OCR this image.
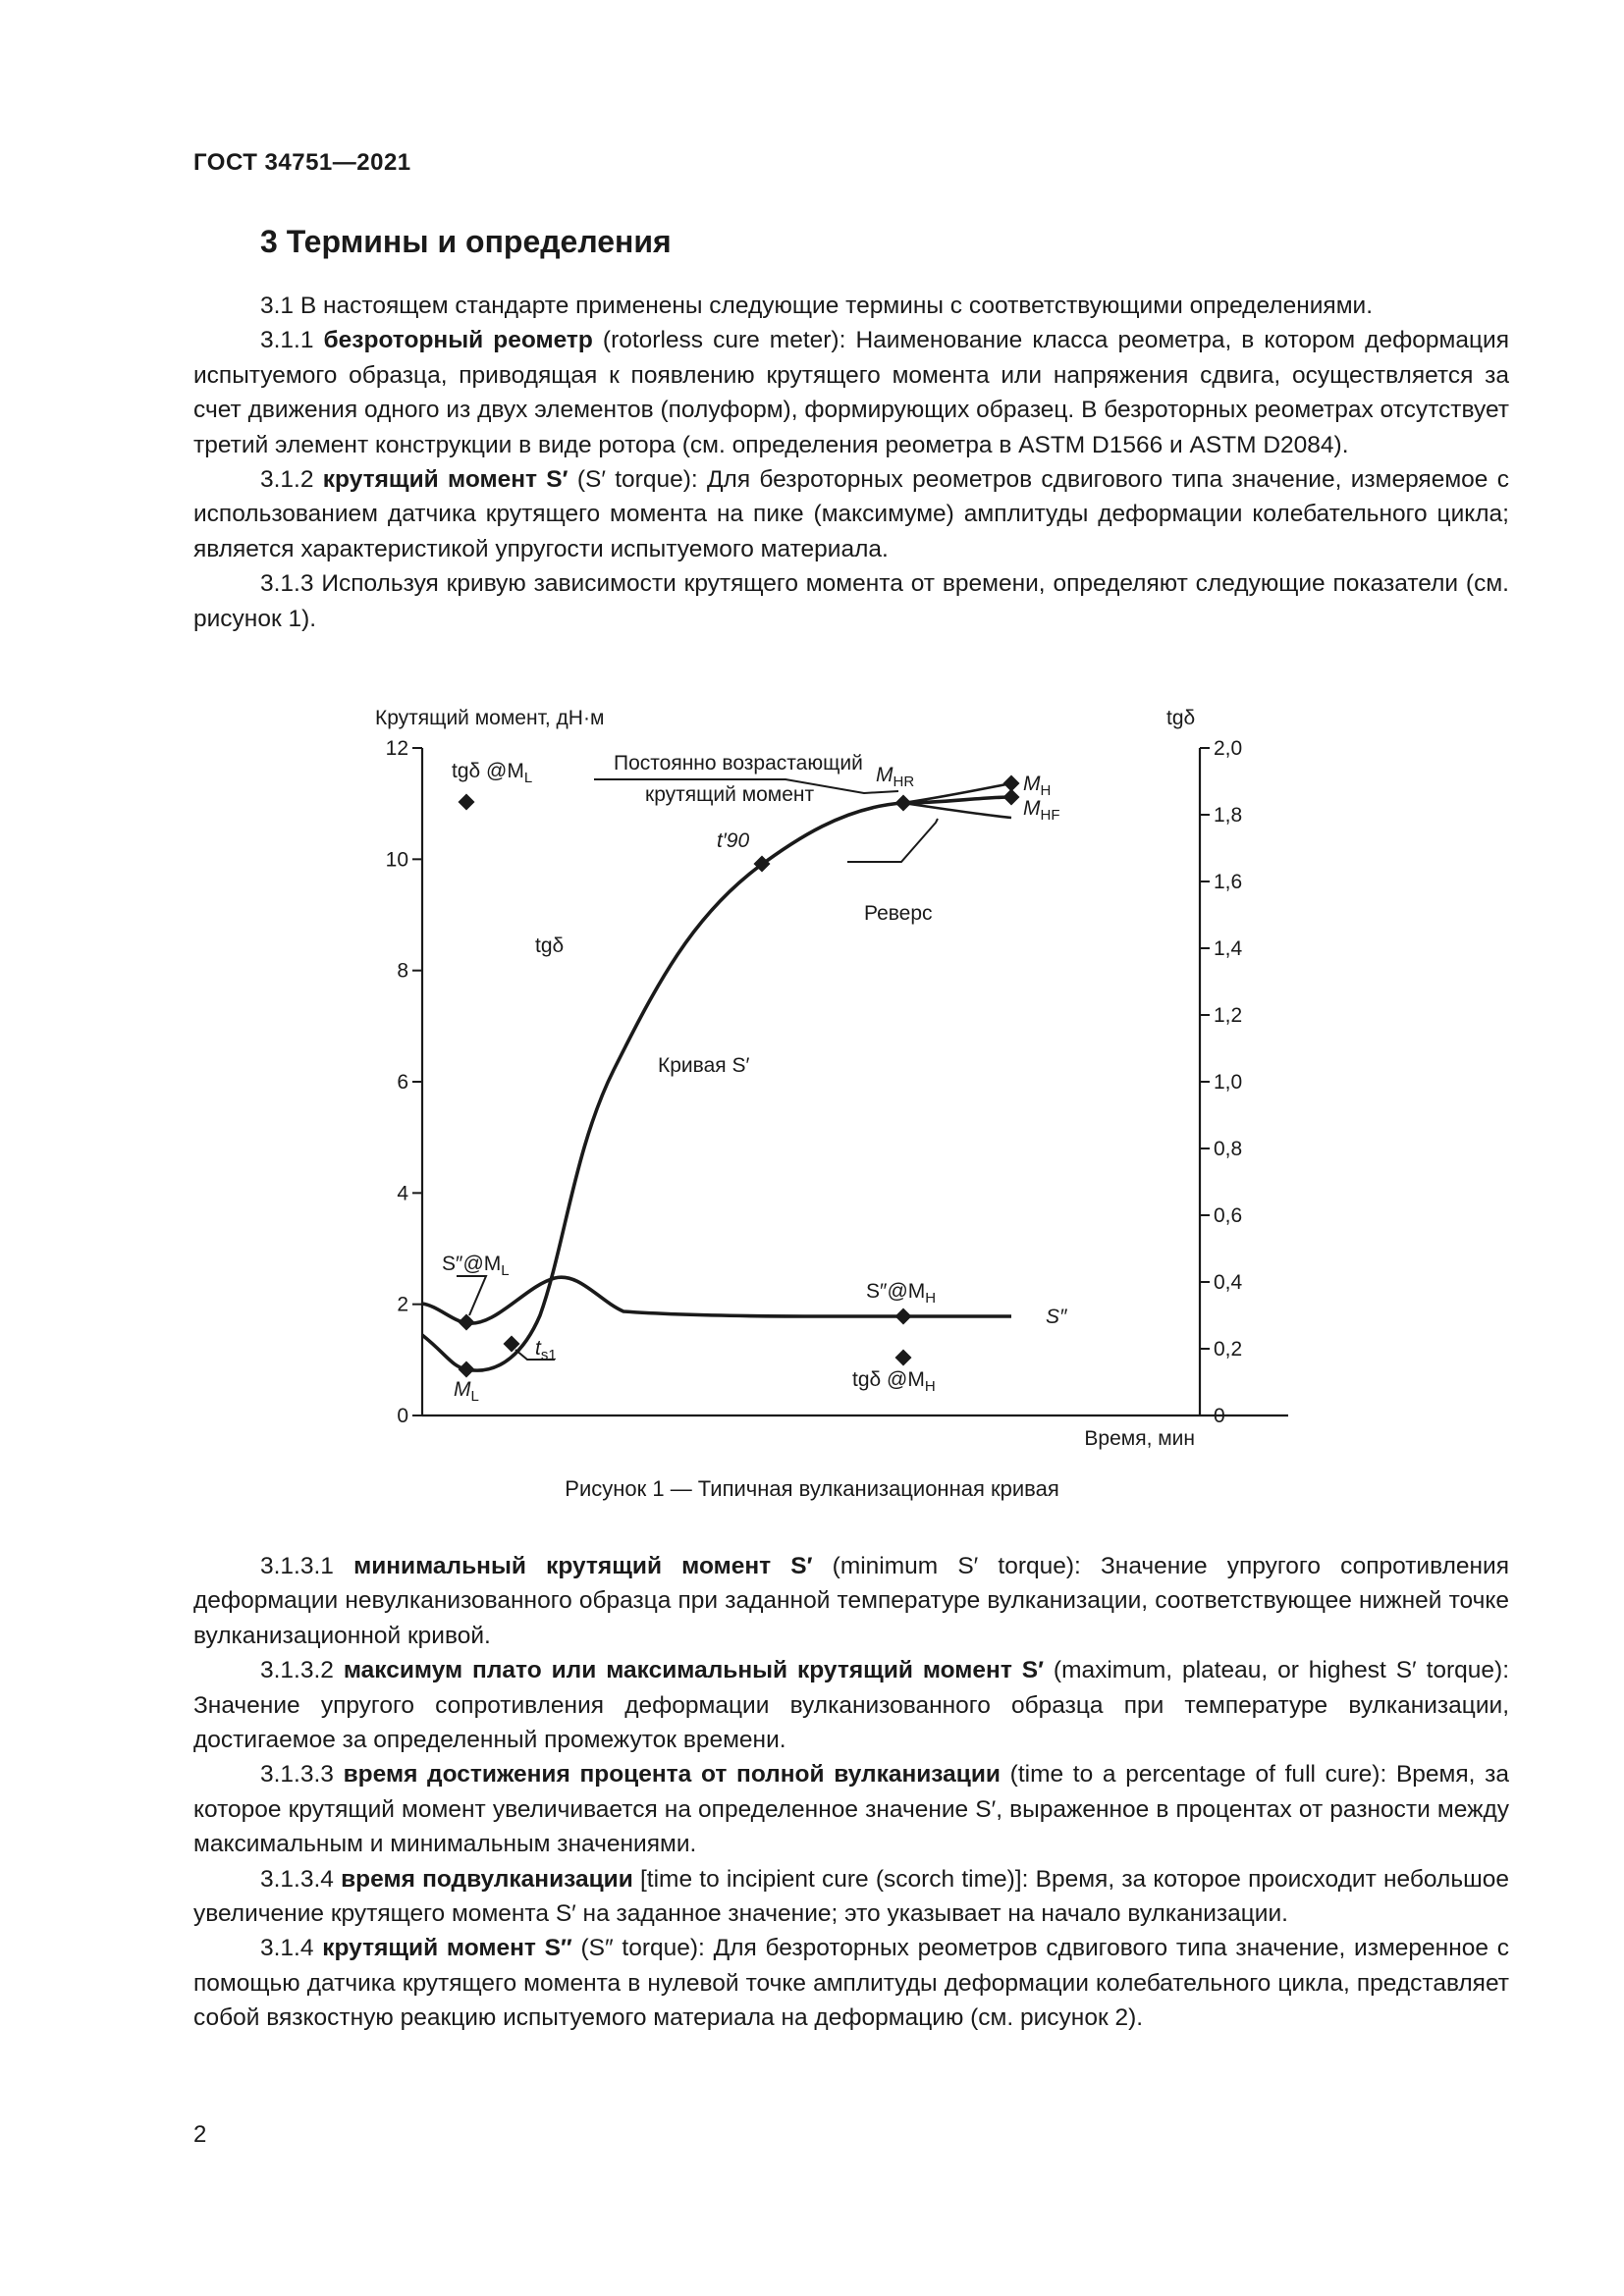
ГОСТ 34751—2021
3 Термины и определения

3.1 В настоящем стандарте применены следующие термины с соответствующими определениями.

3.1.1 безроторный реометр (rotorless cure meter): Наименование класса реометра, в котором деформация испытуемого образца, приводящая к появлению крутящего момента или напряжения сдвига, осуществляется за счет движения одного из двух элементов (полуформ), формирующих образец. В безроторных реометрах отсутствует третий элемент конструкции в виде ротора (см. определения реометра в ASTM D1566 и ASTM D2084).

3.1.2 крутящий момент S′ (S′ torque): Для безроторных реометров сдвигового типа значение, измеряемое с использованием датчика крутящего момента на пике (максимуме) амплитуды деформации колебательного цикла; является характеристикой упругости испытуемого материала.

3.1.3 Используя кривую зависимости крутящего момента от времени, определяют следующие показатели (см. рисунок 1).

Крутящий момент, дН·м	tgδ
Время, мин
tgδ $@M_L$
tgδ
Постоянно возрастающий
крутящий момент	$M_H$
$M_{HF}$
$M_{HR}$
t′90
Реверс
Кривая S′
$S''@M_L$
$S''@M_H$
S″
$t_{s1}$
$M_L$
tgδ $@M_H$
0
2
4
6
8
10
12
0
0,2
0,4
0,6
0,8
1,0
1,2
1,4
1,6
1,8
2,0
Рисунок 1 — Типичная вулканизационная кривая

3.1.3.1 минимальный крутящий момент S′ (minimum S′ torque): Значение упругого сопротивления деформации невулканизованного образца при заданной температуре вулканизации, соответствующее нижней точке вулканизационной кривой.

3.1.3.2 максимум плато или максимальный крутящий момент S′ (maximum, plateau, or highest S′ torque): Значение упругого сопротивления деформации вулканизованного образца при температуре вулканизации, достигаемое за определенный промежуток времени.

3.1.3.3 время достижения процента от полной вулканизации (time to a percentage of full cure): Время, за которое крутящий момент увеличивается на определенное значение S′, выраженное в процентах от разности между максимальным и минимальным значениями.

3.1.3.4 время подвулканизации [time to incipient cure (scorch time)]: Время, за которое происходит небольшое увеличение крутящего момента S′ на заданное значение; это указывает на начало вулканизации.

3.1.4 крутящий момент S″ (S″ torque): Для безроторных реометров сдвигового типа значение, измеренное с помощью датчика крутящего момента в нулевой точке амплитуды деформации колебательного цикла, представляет собой вязкостную реакцию испытуемого материала на деформацию (см. рисунок 2).

2
